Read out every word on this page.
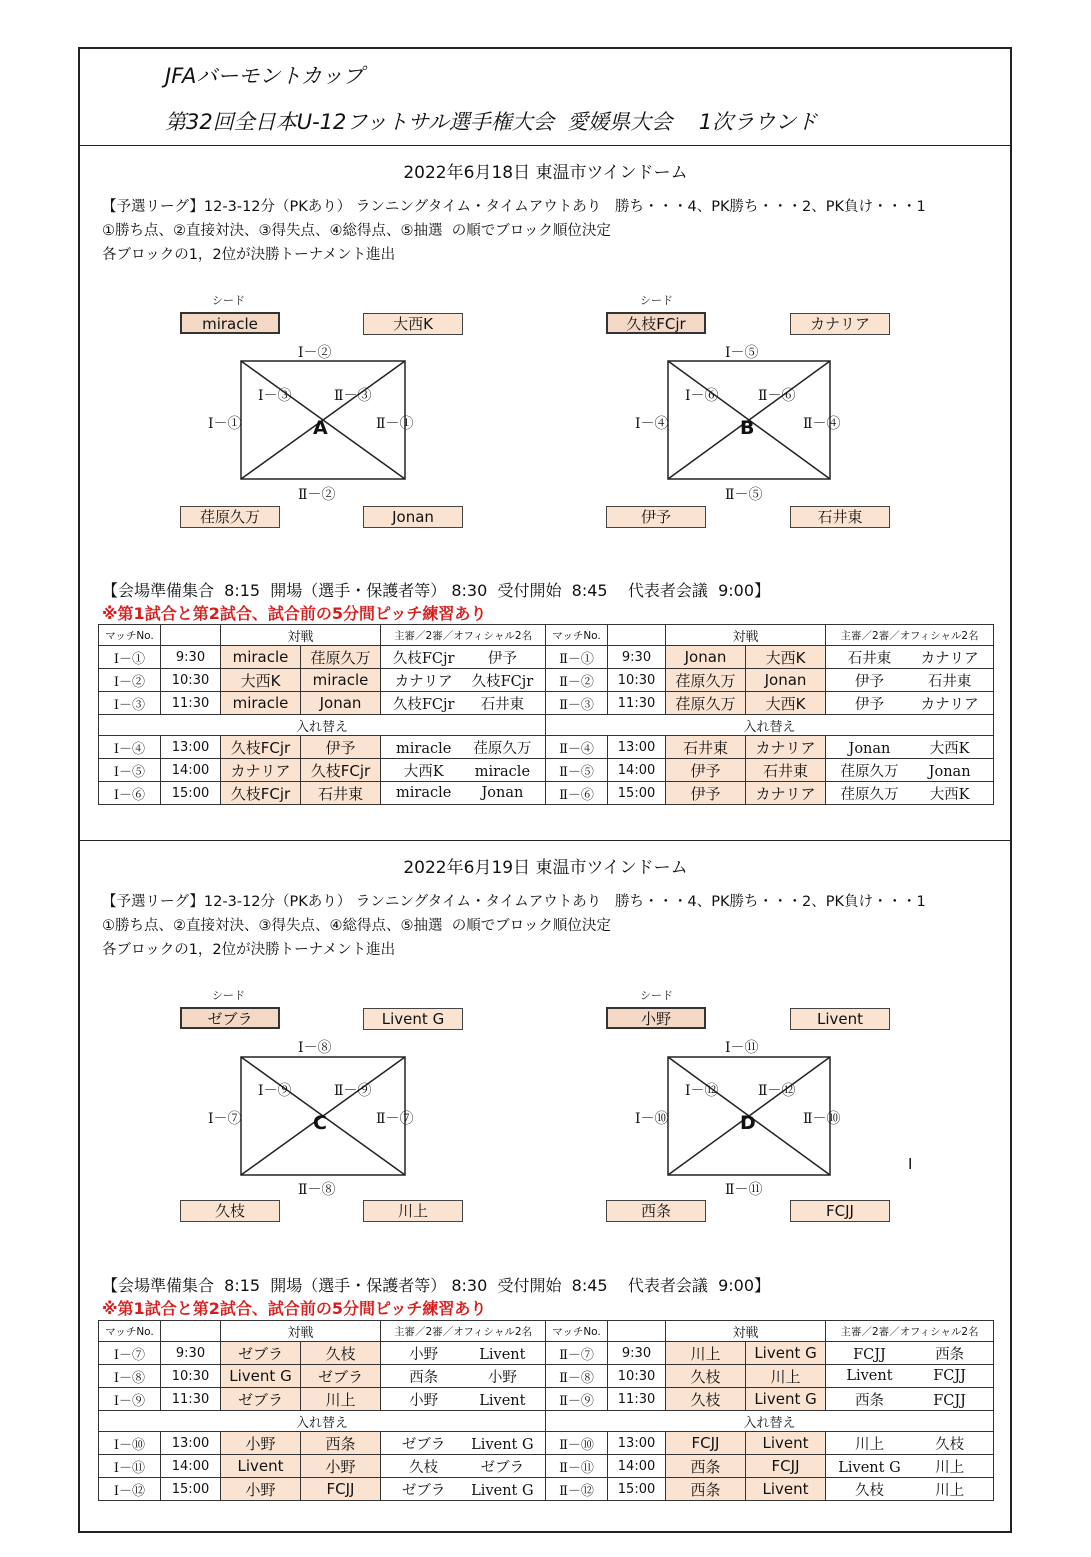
JFAバーモントカップ
第32回全日本U-12フットサル選手権大会  愛媛県大会    1次ラウンド
2022年6月18日 東温市ツインドーム
【予選リーグ】12-3-12分（PKあり） ランニングタイム・タイムアウトあり   勝ち・・・4、PK勝ち・・・2、PK負け・・・1
①勝ち点、②直接対決、③得失点、④総得点、⑤抽選  の順でブロック順位決定
各ブロックの1，2位が決勝トーナメント進出
シード
miracle	大西K
荏原久万	Jonan
Ⅰ－②
Ⅱ－②
Ⅰ－①	Ⅱ－①
Ⅰ－③	Ⅱ－③
A
シード
久枝FCjr	カナリア
伊予	石井東
Ⅰ－⑤
Ⅱ－⑤
Ⅰ－④	Ⅱ－④
Ⅰ－⑥	Ⅱ－⑥
B
【会場準備集合  8:15  開場（選手・保護者等） 8:30  受付開始  8:45    代表者会議  9:00】
※第1試合と第2試合、試合前の5分間ピッチ練習あり
マッチNo.		対戦		主審／2審／オフィシャル2名	マッチNo.		対戦		主審／2審／オフィシャル2名
Ⅰ－①	9:30	miracle	荏原久万	久枝FCjr 伊予	Ⅱ－①	9:30	Jonan	大西K	石井東 カナリア
Ⅰ－②	10:30	大西K	miracle	カナリア 久枝FCjr	Ⅱ－②	10:30	荏原久万	Jonan	伊予 石井東
Ⅰ－③	11:30	miracle	Jonan	久枝FCjr 石井東	Ⅱ－③	11:30	荏原久万	大西K	伊予 カナリア
入れ替え					入れ替え				
Ⅰ－④	13:00	久枝FCjr	伊予	miracle 荏原久万	Ⅱ－④	13:00	石井東	カナリア	Jonan 大西K
Ⅰ－⑤	14:00	カナリア	久枝FCjr	大西K miracle	Ⅱ－⑤	14:00	伊予	石井東	荏原久万 Jonan
Ⅰ－⑥	15:00	久枝FCjr	石井東	miracle Jonan	Ⅱ－⑥	15:00	伊予	カナリア	荏原久万 大西K
2022年6月19日 東温市ツインドーム
【予選リーグ】12-3-12分（PKあり） ランニングタイム・タイムアウトあり   勝ち・・・4、PK勝ち・・・2、PK負け・・・1
①勝ち点、②直接対決、③得失点、④総得点、⑤抽選  の順でブロック順位決定
各ブロックの1，2位が決勝トーナメント進出
シード
ゼブラ	Livent G
久枝	川上
Ⅰ－⑧
Ⅱ－⑧
Ⅰ－⑦	Ⅱ－⑦
Ⅰ－⑨	Ⅱ－⑨
C
シード
小野	Livent
西条	FCJJ
Ⅰ－⑪
Ⅱ－⑪
Ⅰ－⑩	Ⅱ－⑩
Ⅰ－⑫	Ⅱ－⑫
D
I
【会場準備集合  8:15  開場（選手・保護者等） 8:30  受付開始  8:45    代表者会議  9:00】
※第1試合と第2試合、試合前の5分間ピッチ練習あり
マッチNo.		対戦		主審／2審／オフィシャル2名	マッチNo.		対戦		主審／2審／オフィシャル2名
Ⅰ－⑦	9:30	ゼブラ	久枝	小野 Livent	Ⅱ－⑦	9:30	川上	Livent G	FCJJ 西条
Ⅰ－⑧	10:30	Livent G	ゼブラ	西条 小野	Ⅱ－⑧	10:30	久枝	川上	Livent FCJJ
Ⅰ－⑨	11:30	ゼブラ	川上	小野 Livent	Ⅱ－⑨	11:30	久枝	Livent G	西条 FCJJ
入れ替え					入れ替え				
Ⅰ－⑩	13:00	小野	西条	ゼブラ Livent G	Ⅱ－⑩	13:00	FCJJ	Livent	川上 久枝
Ⅰ－⑪	14:00	Livent	小野	久枝 ゼブラ	Ⅱ－⑪	14:00	西条	FCJJ	Livent G 川上
Ⅰ－⑫	15:00	小野	FCJJ	ゼブラ Livent G	Ⅱ－⑫	15:00	西条	Livent	久枝 川上
